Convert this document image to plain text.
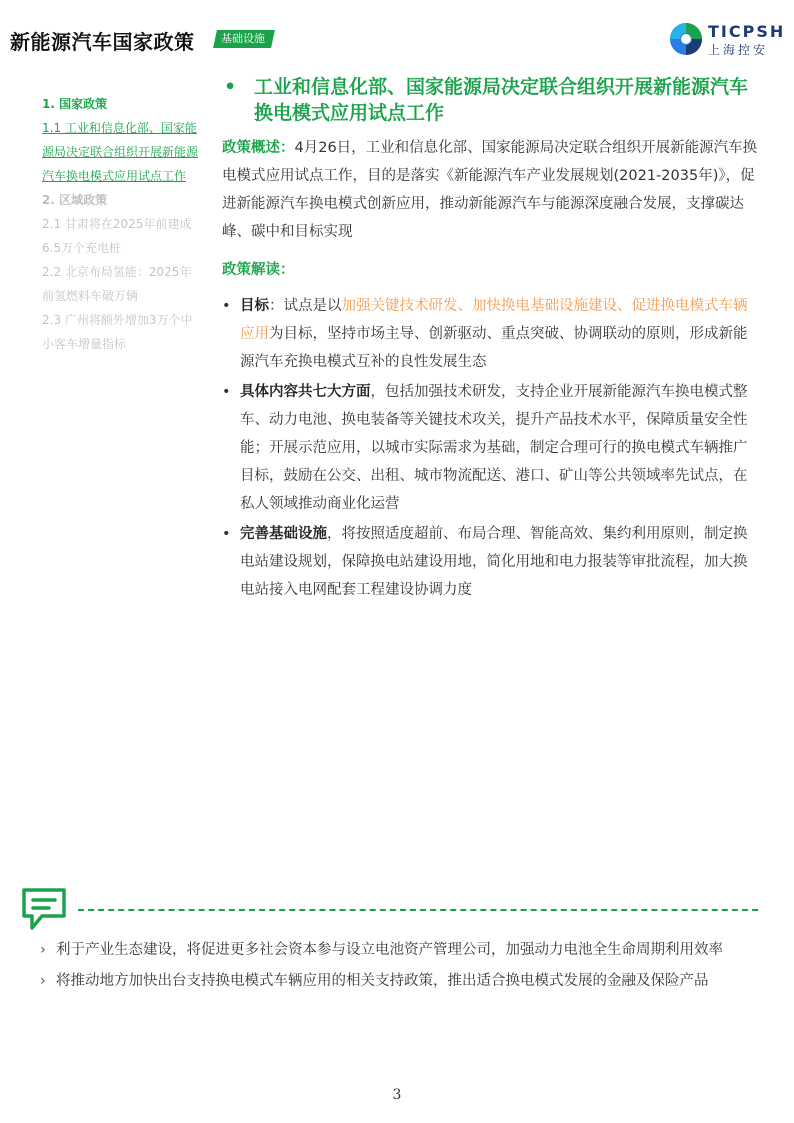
新能源汽车国家政策	基础设施	TICPSH
上海控安
1. 国家政策
1.1 工业和信息化部、国家能源局决定联合组织开展新能源汽车换电模式应用试点工作
2. 区域政策
2.1 甘肃将在2025年前建成6.5万个充电桩
2.2 北京布局氢能：2025年前氢燃料车破万辆
2.3 广州将额外增加3万个中小客车增量指标
• 工业和信息化部、国家能源局决定联合组织开展新能源汽车换电模式应用试点工作
政策概述：4月26日，工业和信息化部、国家能源局决定联合组织开展新能源汽车换电模式应用试点工作，目的是落实《新能源汽车产业发展规划(2021-2035年)》，促进新能源汽车换电模式创新应用，推动新能源汽车与能源深度融合发展，支撑碳达峰、碳中和目标实现
政策解读：
• 目标：试点是以加强关键技术研发、加快换电基础设施建设、促进换电模式车辆应用为目标，坚持市场主导、创新驱动、重点突破、协调联动的原则，形成新能源汽车充换电模式互补的良性发展生态
• 具体内容共七大方面，包括加强技术研发，支持企业开展新能源汽车换电模式整车、动力电池、换电装备等关键技术攻关，提升产品技术水平，保障质量安全性能；开展示范应用，以城市实际需求为基础，制定合理可行的换电模式车辆推广目标，鼓励在公交、出租、城市物流配送、港口、矿山等公共领域率先试点，在私人领域推动商业化运营
• 完善基础设施，将按照适度超前、布局合理、智能高效、集约利用原则，制定换电站建设规划，保障换电站建设用地，简化用地和电力报装等审批流程，加大换电站接入电网配套工程建设协调力度
› 利于产业生态建设，将促进更多社会资本参与设立电池资产管理公司，加强动力电池全生命周期利用效率
› 将推动地方加快出台支持换电模式车辆应用的相关支持政策，推出适合换电模式发展的金融及保险产品
3
